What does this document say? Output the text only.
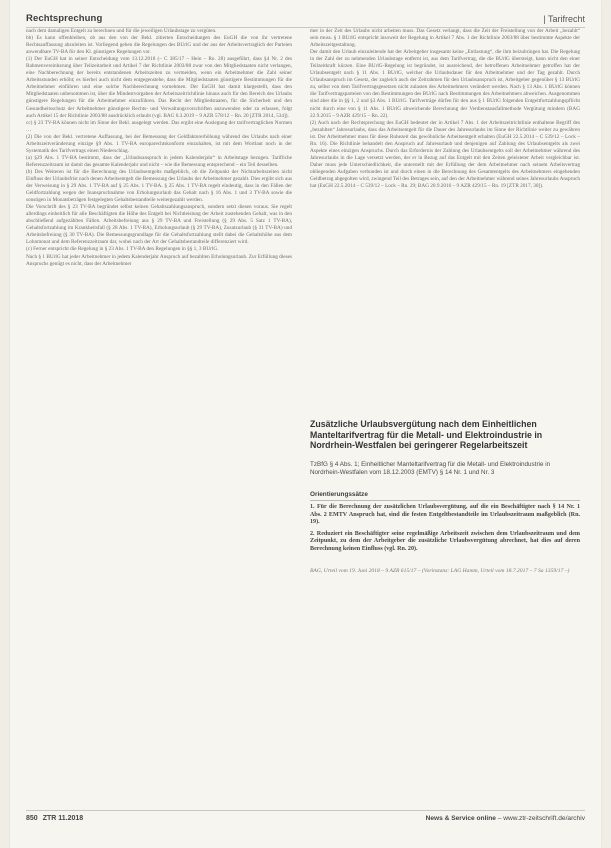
Rechtsprechung	| Tarifrecht

nach dem damaligen Entgelt zu berechnen und für die jeweiligen Urlaubstage zu vergüten.

bb) Es kann offenbleiben, ob aus den von der Bekl. zitierten Entscheidungen des EuGH die von ihr vertretene Rechtsauffassung abzuleiten ist. Vorliegend gehen die Regelungen des BUrlG und der aus der Arbeitsvertraglich der Parteien anwendbare TV-BA für den Kl. günstigere Regelungen vor.

(1) Der EuGH hat in seiner Entscheidung vom 13.12.2018 (– C 385/17 – Hein – Rn. 28) ausgeführt, dass §4 Nr. 2 des Rahmenvereinbarung über Teilzeitarbeit und Artikel 7 der Richtlinie 2003/88 zwar von den Mitgliedstaaten nicht verlangen, eine Nachberechnung der bereits entstandenen Arbeitszeiten zu vermeiden, wenn ein Arbeitnehmer die Zahl seiner Arbeitsstunden erhöht; es hierbei auch nicht dem entgegenstehe, dass die Mitgliedstaaten günstigere Bestimmungen für die Arbeitnehmer einführen und eine solche Nachberechnung vornehmen. Der EuGH hat damit klargestellt, dass den Mitgliedstaaten unbenommen ist, über die Mindestvorgaben der Arbeitszeitrichtlinie hinaus auch für den Bereich des Urlaubs günstigere Regelungen für die Arbeitnehmer einzuführen. Das Recht der Mitgliedstaaten, für die Sicherheit und den Gesundheitsschutz der Arbeitnehmer günstigere Rechts- und Verwaltungsvorschriften anzuwenden oder zu erlassen, folgt auch Artikel 15 der Richtlinie 2003/88 ausdrücklich erlaubt (vgl. BAG 6.3.2019 – 9 AZR 578/12 – Rn. 20 [ZTR 2014, 534]).

cc) § 23 TV-BA können nicht im Sinne der Bekl. ausgelegt werden. Das ergibt eine Auslegung der tarifvertraglichen Normen …

(2) Die von der Bekl. vertretene Auffassung, bei der Bemessung der Geldfaktorerhöhung während des Urlaubs nach einer Arbeitszeitveränderung einzige §9 Abs. 1 TV-BA europarechtskonform einzuhalten, ist mit dem Wortlaut noch in der Systematik des Tarifvertrags einen Niederschlag.

(a) §29 Abs. 1 TV-BA bestimmt, dass der „Urlaubsanspruch in jedem Kalenderjahr“ in Arbeitstage bezogen. Tarifliche Referenzzeitraum ist damit das gesamte Kalenderjahr und nicht – wie die Bemessung entsprechend – ein Teil desselben.

(b) Des Weiteren ist für die Berechnung des Urlaubsentgelts maßgeblich, ob die Zeitpunkt der Nichtarbeitszeiten nicht Einfluss der Urlaubsfrist nach denen Arbeitsentgelt die Bemessung des Urlaubs der Arbeitnehmer gezahlt. Dies ergibt sich aus der Verweisung in § 29 Abs. 1 TV-BA auf § 25 Abs. 1 TV-BA. § 25 Abs. 1 TV-BA regelt eindeutig, dass in den Fällen der Geldfortzahlung wegen der Inanspruchnahme von Erholungsurlaub das Gehalt nach § 16 Abs. 1 und 3 TV-BA sowie die sonstigen in Monatsbeträgen festgelegten Gehaltsbestandteile weitergezahlt werden.

Die Vorschrift des § 23 TV-BA begründet selbst keinen Gehaltszahlungsanspruch, sondern setzt diesen voraus. Sie regelt allerdings einheitlich für alle Beschäftigten die Höhe des Entgelt bei Nichtleistung der Arbeit zustehenden Gehalt, was in den abschließend aufgezählten Fällen. Arbeitsbefreiung aus § 29 TV-BA und Freistellung (§ 29 Abs. 5 Satz 1 TV-BA), Gehaltsfortzahlung im Krankheitsfall (§ 28 Abs. 1 TV-BA), Erholungsurlaub (§ 29 TV-BA), Zusatzurlaub (§ 31 TV-BA) und Arbeitsbefreiung (§ 30 TV-BA). Die Bemessungsgrundlage für die Gehaltsfortzahlung stellt dabei die Gehaltshöhe aus dem Lohnmonat und dem Referenzzeitraum dar, wobei nach der Art der Gehaltsbestandteile differenziert wird.

(c) Ferner entspricht die Regelung in § 23 Abs. 1 TV-BA den Regelungen in §§ 1, 3 BUrlG.

Nach § 1 BUrlG hat jeder Arbeitnehmer in jedem Kalenderjahr Anspruch auf bezahlten Erholungsurlaub. Zur Erfüllung dieses Anspruchs genügt es nicht, dass der Arbeitnehmer

mer in der Zeit des Urlaubs nicht arbeiten muss. Das Gesetz verlangt, dass die Zeit der Freistellung von der Arbeit „bezahlt“ sein muss. § 1 BUrlG entspricht insoweit der Regelung in Artikel 7 Abs. 1 der Richtlinie 2003/88 über bestimmte Aspekte der Arbeitszeitgestaltung.

Der damit den Urlaub einzuleitende hat der Arbeitgeber insgesamt keine „Entlastung“, die ihm beizubringen hat. Die Regelung in der Zahl der zu nehmenden Urlaubstage entfernt ist, aus dem Tarifvertrag, die die BUrlG übersteigt, kann nicht den einer Teilzeitkraft kürzen. Eine BUrlG-Regelung ist begründet, ist ausreichend, der betroffenen Arbeitnehmer getroffen hat der Urlaubsentgelt nach § 11 Abs. 1 BUrlG, welcher die Urlaubsdauer für den Arbeitnehmer und der Tag gezahlt. Durch Urlaubsanspruch im Gesetz, der zugleich auch der Zeitrahmen für den Urlaubsanspruch ist, Arbeitgeber gegenüber § 13 BUrlG zu, selbst von dem Tarifvertragsgesetzen nicht zulasten des Arbeitnehmers verändert werden. Nach § 13 Abs. 1 BUrlG können die Tarifvertragsparteien von den Bestimmungen des BUrlG nach Bestimmungen des Arbeitnehmers abweichen. Ausgenommen sind aber die in §§ 1, 2 und §3 Abs. 1 BUrlG. Tarifverträge dürfen für den aus § 1 BUrlG folgenden Entgeltfortzahlungspflicht nicht durch eine von § 11 Abs. 1 BUrlG abweichende Berechnung der Verdienstausfallmethode Vergütung mindern (BAG 22.9.2015 – 9 AZR 429/15 – Rn. 22).

(2) Auch nach der Rechtsprechung des EuGH bedeutet der in Artikel 7 Abs. 1 der Arbeitszeitrichtlinie enthaltene Begriff des „bezahlten“ Jahresurlaubs, dass das Arbeitsentgelt für die Dauer des Jahresurlaubs im Sinne der Richtlinie weiter zu gewähren ist. Der Arbeitnehmer muss für diese Ruhezeit das gewöhnliche Arbeitsentgelt erhalten (EuGH 22.5.2014 – C 539/12 – Lock – Rn. 16). Die Richtlinie behandelt den Anspruch auf Jahresurlaub und denjenigen auf Zahlung des Urlaubsentgelts als zwei Aspekte eines einzigen Anspruchs. Durch das Erfordernis der Zahlung des Urlaubsentgelts soll der Arbeitnehmer während des Jahresurlaubs in die Lage versetzt werden, der er in Bezug auf das Entgelt mit den Zeiten geleisteter Arbeit vergleichbar ist. Daher muss jede Unterschiedlichkeit, die unterstellt mit der Erfüllung der dem Arbeitnehmer nach seinem Arbeitsvertrag obliegenden Aufgaben verbunden ist und durch einen in die Berechnung des Gesamtentgelts des Arbeitnehmers eingehenden Geldbetrag abgegolten wird, zwingend Teil des Betrages sein, auf den der Arbeitnehmer während seines Jahresurlaubs Anspruch hat (EuGH 22.5.2014 – C 539/12 – Lock – Rn. 29; BAG 20.9.2016 – 9 AZR 429/15 – Rn. 19 [ZTR 2017, 30]).

Zusätzliche Urlaubsvergütung nach dem Einheitlichen Manteltarifvertrag für die Metall- und Elektroindustrie in Nordrhein-Westfalen bei geringerer Regelarbeitszeit
TzBfG § 4 Abs. 1; Einheitlicher Manteltarifvertrag für die Metall- und Elektroindustrie in Nordrhein-Westfalen vom 18.12.2003 (EMTV) § 14 Nr. 1 und Nr. 3
Orientierungssätze

1. Für die Berechnung der zusätzlichen Urlaubsvergütung, auf die ein Beschäftigter nach § 14 Nr. 1 Abs. 2 EMTV Anspruch hat, sind die festen Entgeltbestandteile im Urlaubszeitraum maßgeblich (Rn. 19).

2. Reduziert ein Beschäftigter seine regelmäßige Arbeitszeit zwischen dem Urlaubszeitraum und dem Zeitpunkt, zu dem der Arbeitgeber die zusätzliche Urlaubsvergütung abrechnet, hat dies auf deren Berechnung keinen Einfluss (vgl. Rn. 20).

BAG, Urteil vom 19. Juni 2018 – 9 AZR 615/17 – (Vorinstanz: LAG Hamm, Urteil vom 18.7.2017 – 7 Sa 1359/17 –)
850 ZTR 11.2018	News & Service online – www.ztr-zeitschrift.de/archiv
